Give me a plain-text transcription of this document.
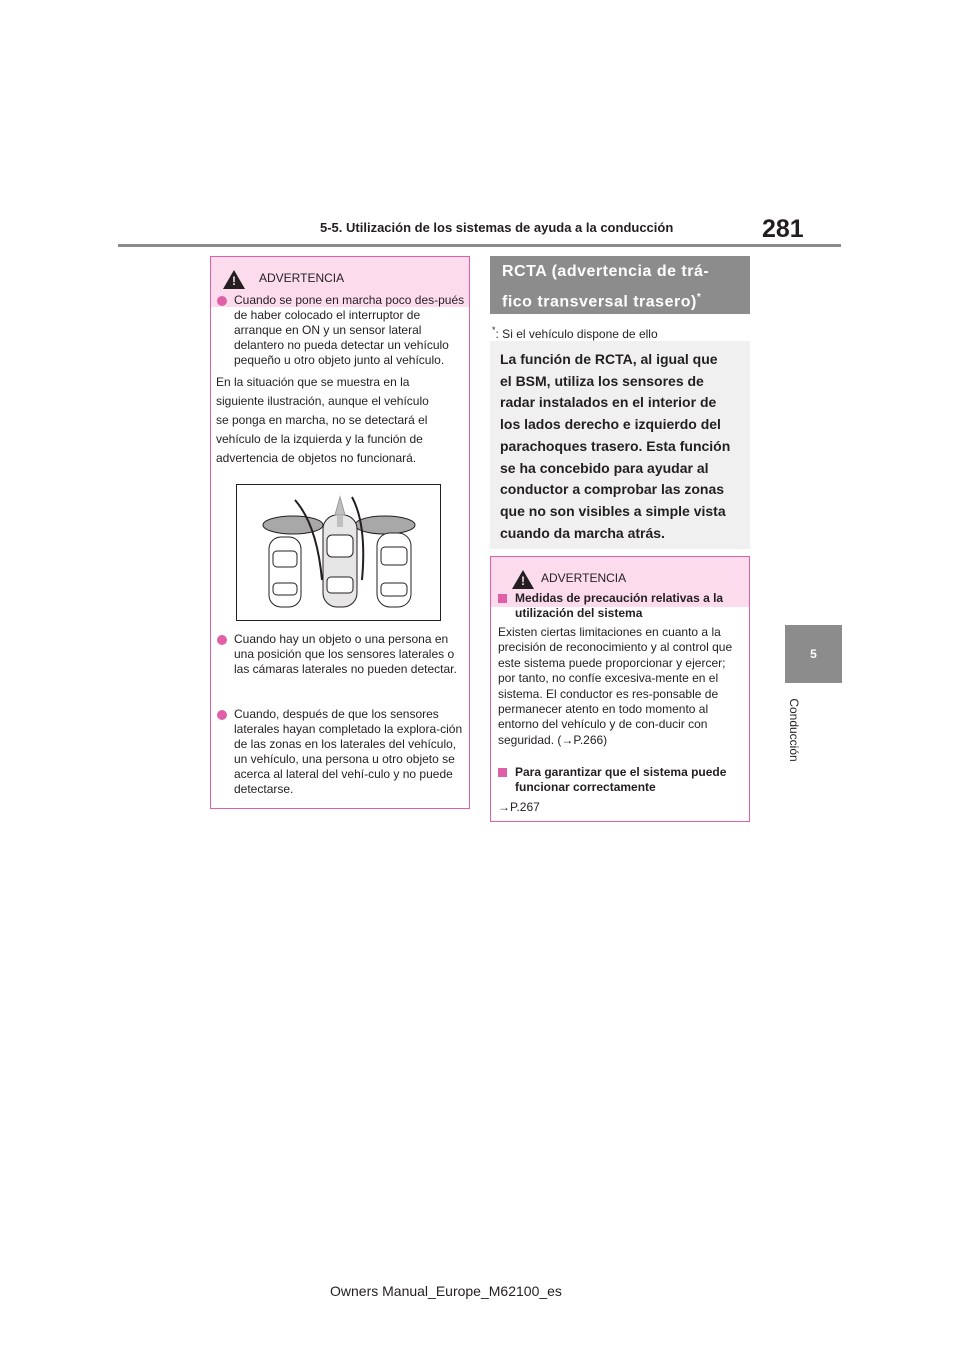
5-5. Utilización de los sistemas de ayuda a la conducción	281
5
Conducción
!
ADVERTENCIA
Cuando se pone en marcha poco des-pués de haber colocado el interruptor de arranque en ON y un sensor lateral delantero no pueda detectar un vehículo pequeño u otro objeto junto al vehículo.
En la situación que se muestra en la
siguiente ilustración, aunque el vehículo
se ponga en marcha, no se detectará el
vehículo de la izquierda y la función de
advertencia de objetos no funcionará.
Cuando hay un objeto o una persona en una posición que los sensores laterales o las cámaras laterales no pueden detectar.
Cuando, después de que los sensores laterales hayan completado la explora-ción de las zonas en los laterales del vehículo, un vehículo, una persona u otro objeto se acerca al lateral del vehí-culo y no puede detectarse.
RCTA (advertencia de trá-
fico transversal trasero)*
*: Si el vehículo dispone de ello
La función de RCTA, al igual que
el BSM, utiliza los sensores de
radar instalados en el interior de
los lados derecho e izquierdo del
parachoques trasero. Esta función
se ha concebido para ayudar al
conductor a comprobar las zonas
que no son visibles a simple vista
cuando da marcha atrás.
!
ADVERTENCIA
Medidas de precaución relativas a la utilización del sistema
Existen ciertas limitaciones en cuanto a la precisión de reconocimiento y al control que este sistema puede proporcionar y ejercer; por tanto, no confíe excesiva-mente en el sistema. El conductor es res-ponsable de permanecer atento en todo momento al entorno del vehículo y de con-ducir con seguridad. (→P.266)
Para garantizar que el sistema puede funcionar correctamente
→P.267
Owners Manual_Europe_M62100_es
